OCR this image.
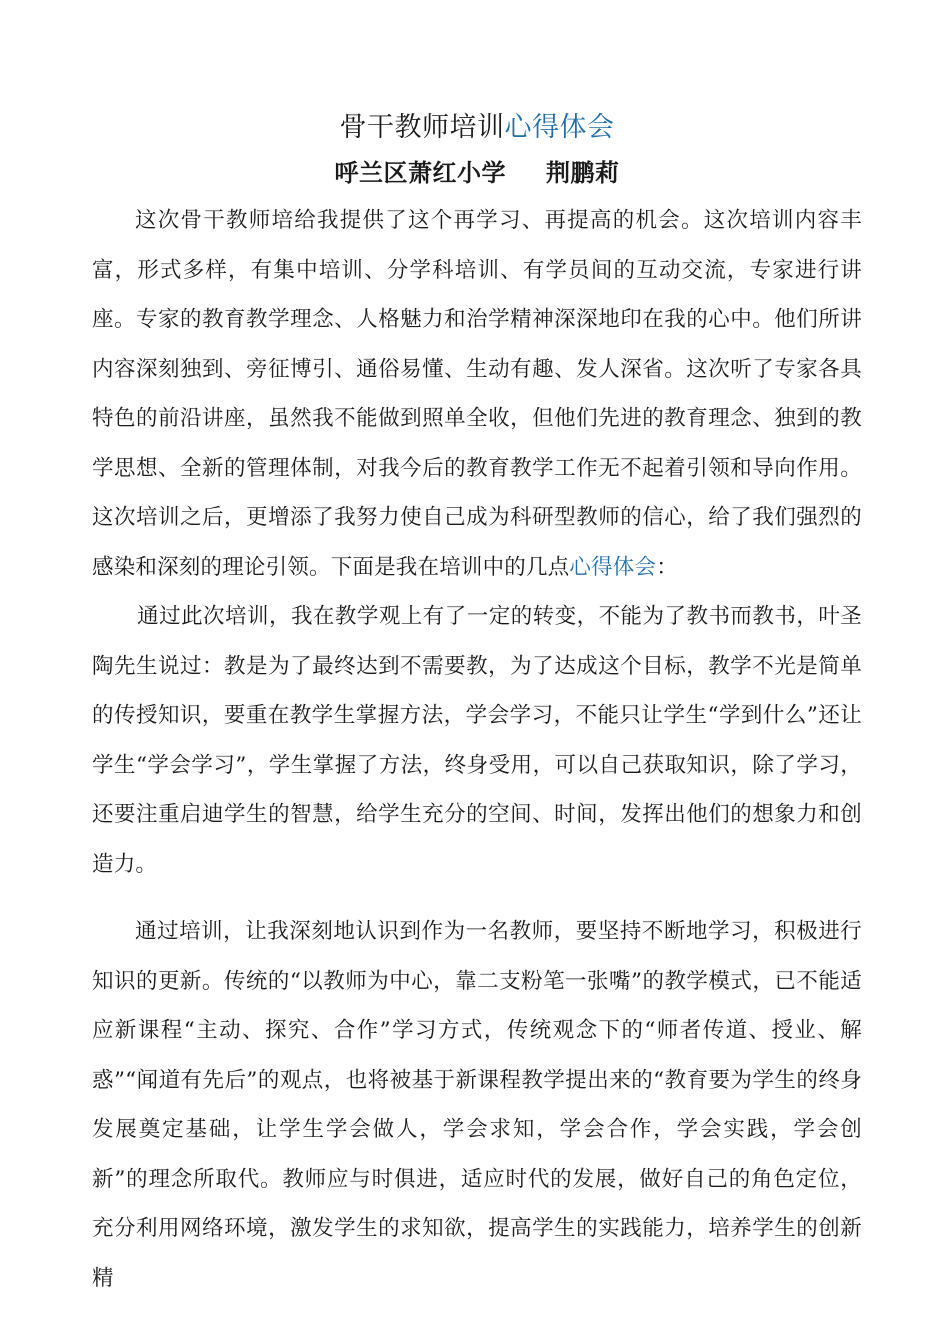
骨干教师培训心得体会
呼兰区萧红小学 荆鹏莉

这次骨干教师培给我提供了这个再学习、再提高的机会。这次培训内容丰富，形式多样，有集中培训、分学科培训、有学员间的互动交流，专家进行讲座。专家的教育教学理念、人格魅力和治学精神深深地印在我的心中。他们所讲内容深刻独到、旁征博引、通俗易懂、生动有趣、发人深省。这次听了专家各具特色的前沿讲座，虽然我不能做到照单全收，但他们先进的教育理念、独到的教学思想、全新的管理体制，对我今后的教育教学工作无不起着引领和导向作用。这次培训之后，更增添了我努力使自己成为科研型教师的信心，给了我们强烈的感染和深刻的理论引领。下面是我在培训中的几点心得体会：

通过此次培训，我在教学观上有了一定的转变，不能为了教书而教书，叶圣陶先生说过：教是为了最终达到不需要教，为了达成这个目标，教学不光是简单的传授知识，要重在教学生掌握方法，学会学习，不能只让学生“学到什么”还让学生“学会学习”，学生掌握了方法，终身受用，可以自己获取知识，除了学习，还要注重启迪学生的智慧，给学生充分的空间、时间，发挥出他们的想象力和创造力。

通过培训，让我深刻地认识到作为一名教师，要坚持不断地学习，积极进行知识的更新。传统的“以教师为中心，靠二支粉笔一张嘴”的教学模式，已不能适应新课程“主动、探究、合作”学习方式，传统观念下的“师者传道、授业、解惑”“闻道有先后”的观点，也将被基于新课程教学提出来的“教育要为学生的终身发展奠定基础，让学生学会做人，学会求知，学会合作，学会实践，学会创新”的理念所取代。教师应与时俱进，适应时代的发展，做好自己的角色定位，充分利用网络环境，激发学生的求知欲，提高学生的实践能力，培养学生的创新精
